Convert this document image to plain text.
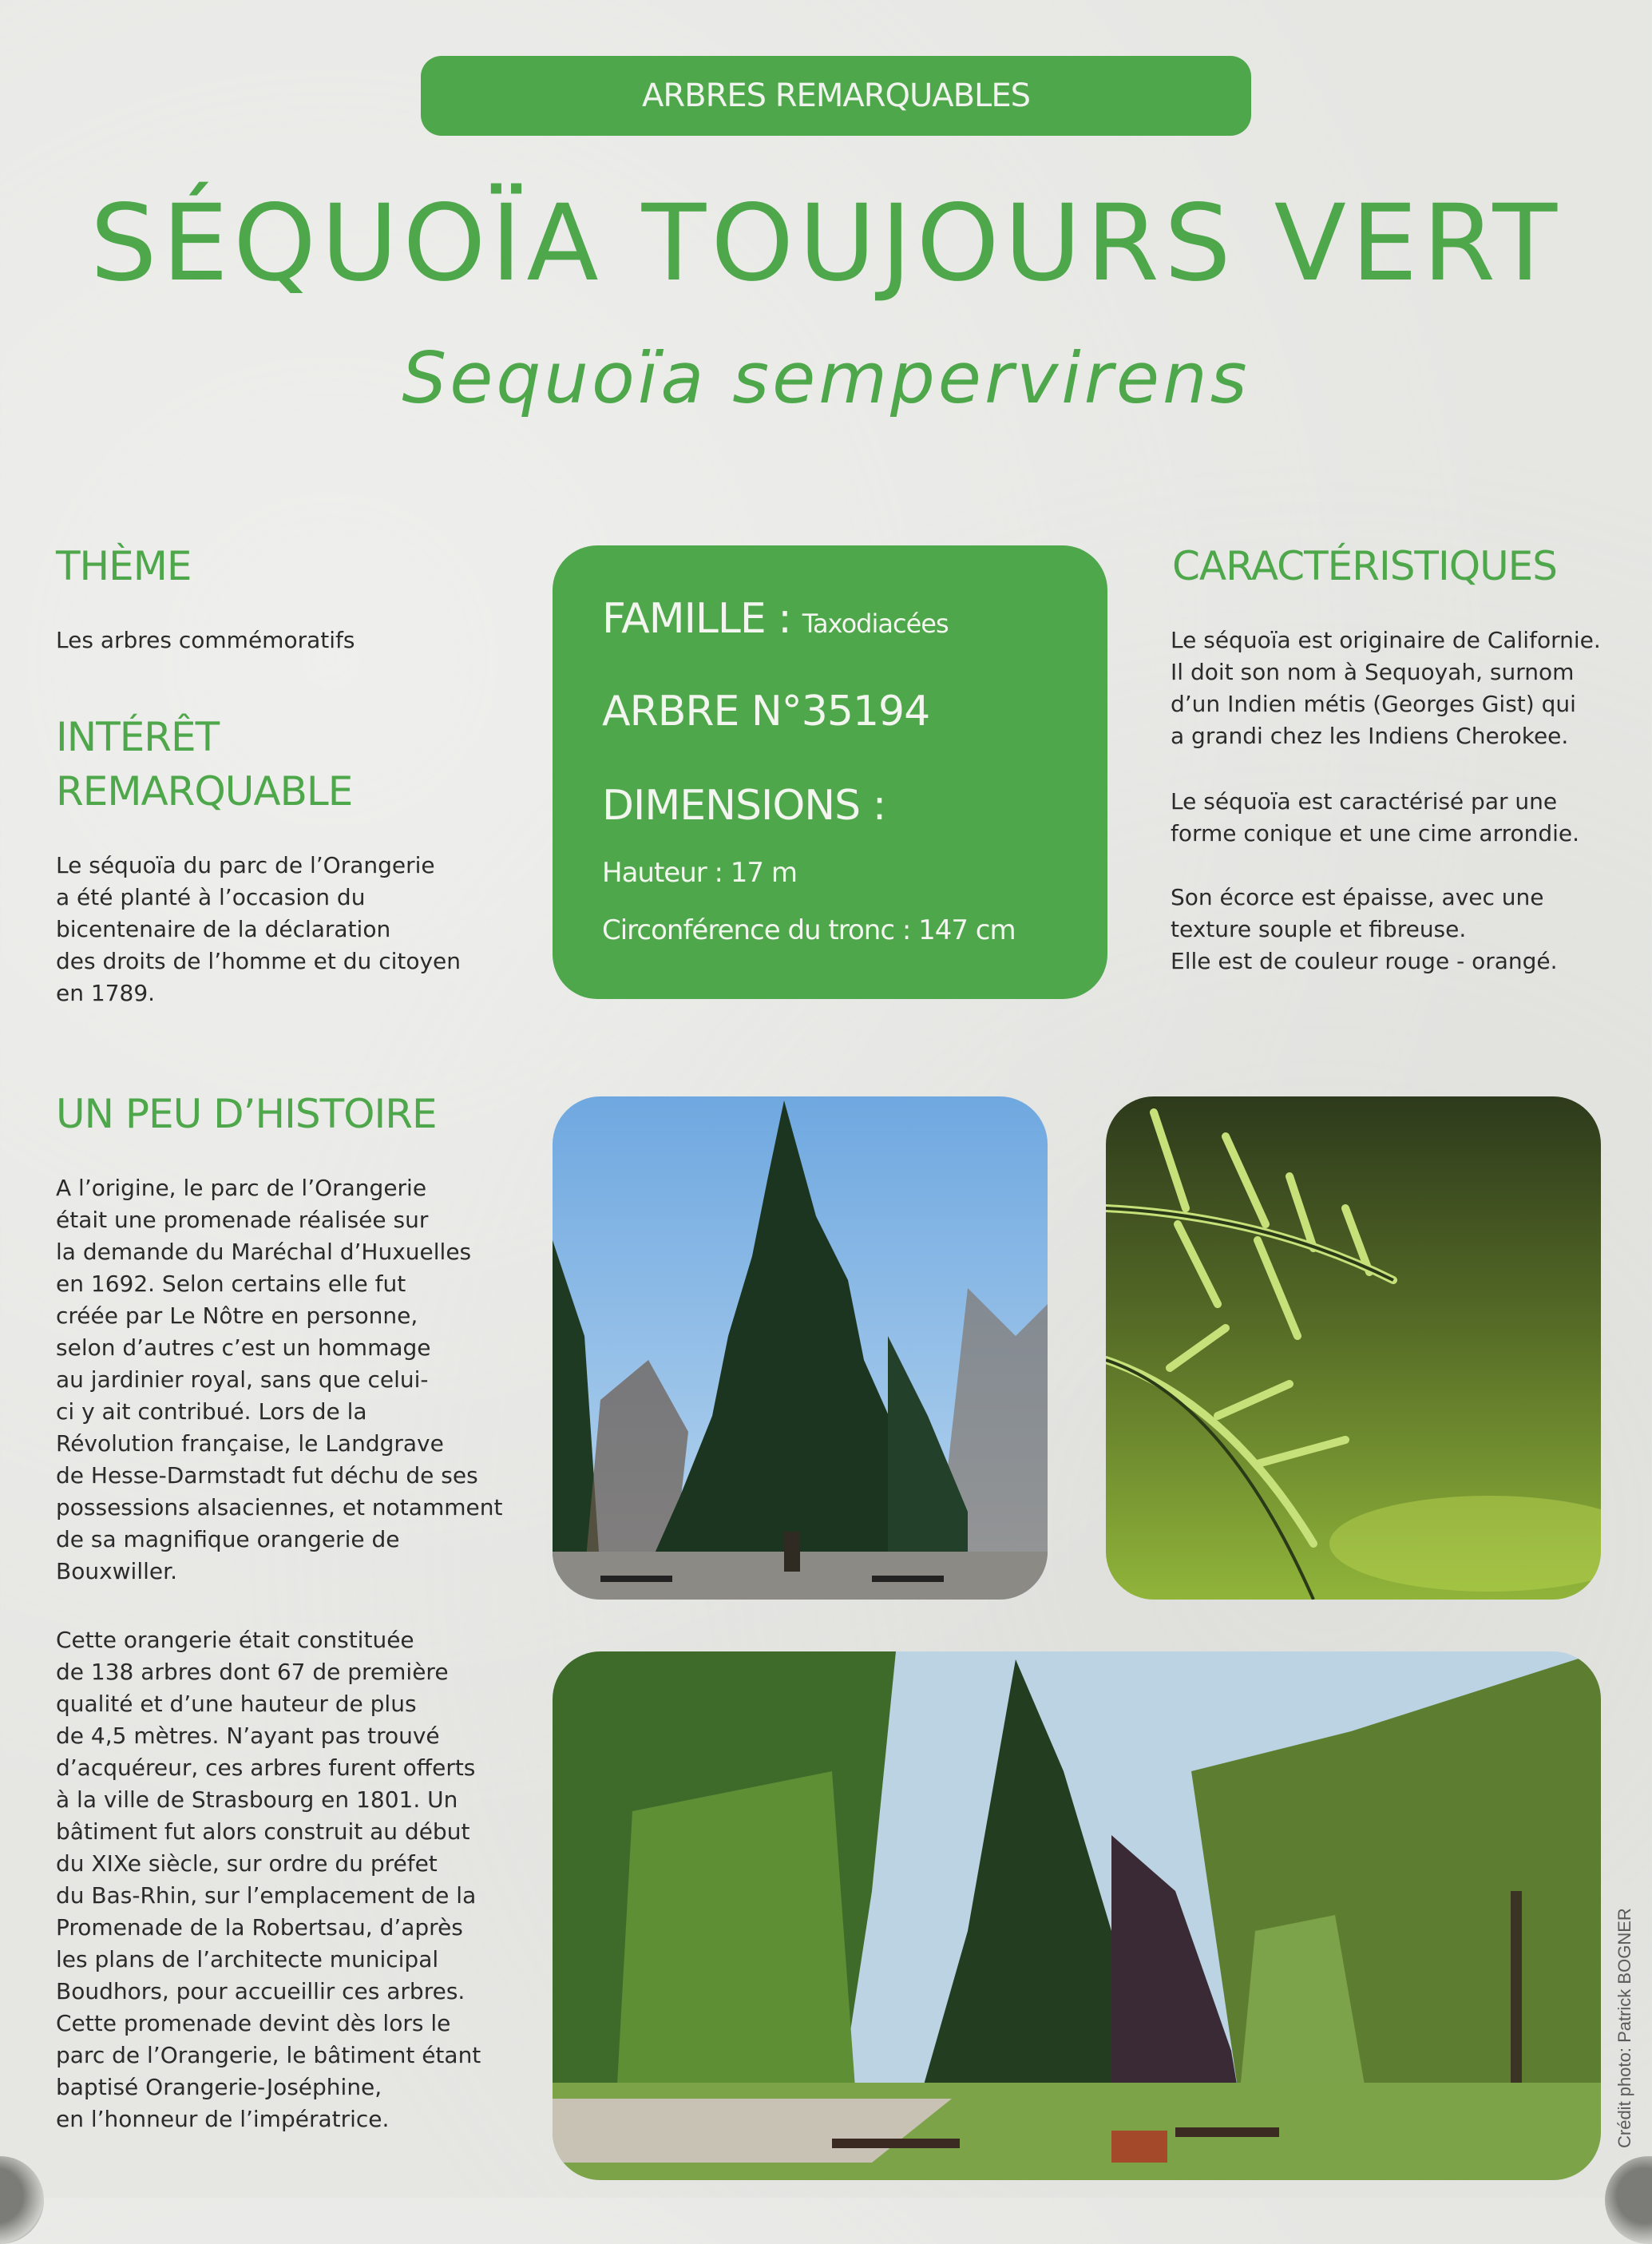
ARBRES REMARQUABLES
SÉQUOÏA TOUJOURS VERT
Sequoïa sempervirens
THÈME
Les arbres commémoratifs
INTÉRÊT
REMARQUABLE
Le séquoïa du parc de l’Orangerie
a été planté à l’occasion du
bicentenaire de la déclaration
des droits de l’homme et du citoyen
en 1789.
UN PEU D’HISTOIRE
A l’origine, le parc de l’Orangerie
était une promenade réalisée sur
la demande du Maréchal d’Huxuelles
en 1692. Selon certains elle fut
créée par Le Nôtre en personne,
selon d’autres c’est un hommage
au jardinier royal, sans que celui-
ci y ait contribué. Lors de la
Révolution française, le Landgrave
de Hesse-Darmstadt fut déchu de ses
possessions alsaciennes, et notamment
de sa magnifique orangerie de
Bouxwiller.
Cette orangerie était constituée
de 138 arbres dont 67 de première
qualité et d’une hauteur de plus
de 4,5 mètres. N’ayant pas trouvé
d’acquéreur, ces arbres furent offerts
à la ville de Strasbourg en 1801. Un
bâtiment fut alors construit au début
du XIXe siècle, sur ordre du préfet
du Bas-Rhin, sur l’emplacement de la
Promenade de la Robertsau, d’après
les plans de l’architecte municipal
Boudhors, pour accueillir ces arbres.
Cette promenade devint dès lors le
parc de l’Orangerie, le bâtiment étant
baptisé Orangerie-Joséphine,
en l’honneur de l’impératrice.
FAMILLE : Taxodiacées
ARBRE N°35194
DIMENSIONS :
Hauteur : 17 m
Circonférence du tronc : 147 cm
CARACTÉRISTIQUES
Le séquoïa est originaire de Californie.
Il doit son nom à Sequoyah, surnom
d’un Indien métis (Georges Gist) qui
a grandi chez les Indiens Cherokee.
Le séquoïa est caractérisé par une
forme conique et une cime arrondie.
Son écorce est épaisse, avec une
texture souple et fibreuse.
Elle est de couleur rouge - orangé.
Crédit photo: Patrick BOGNER
